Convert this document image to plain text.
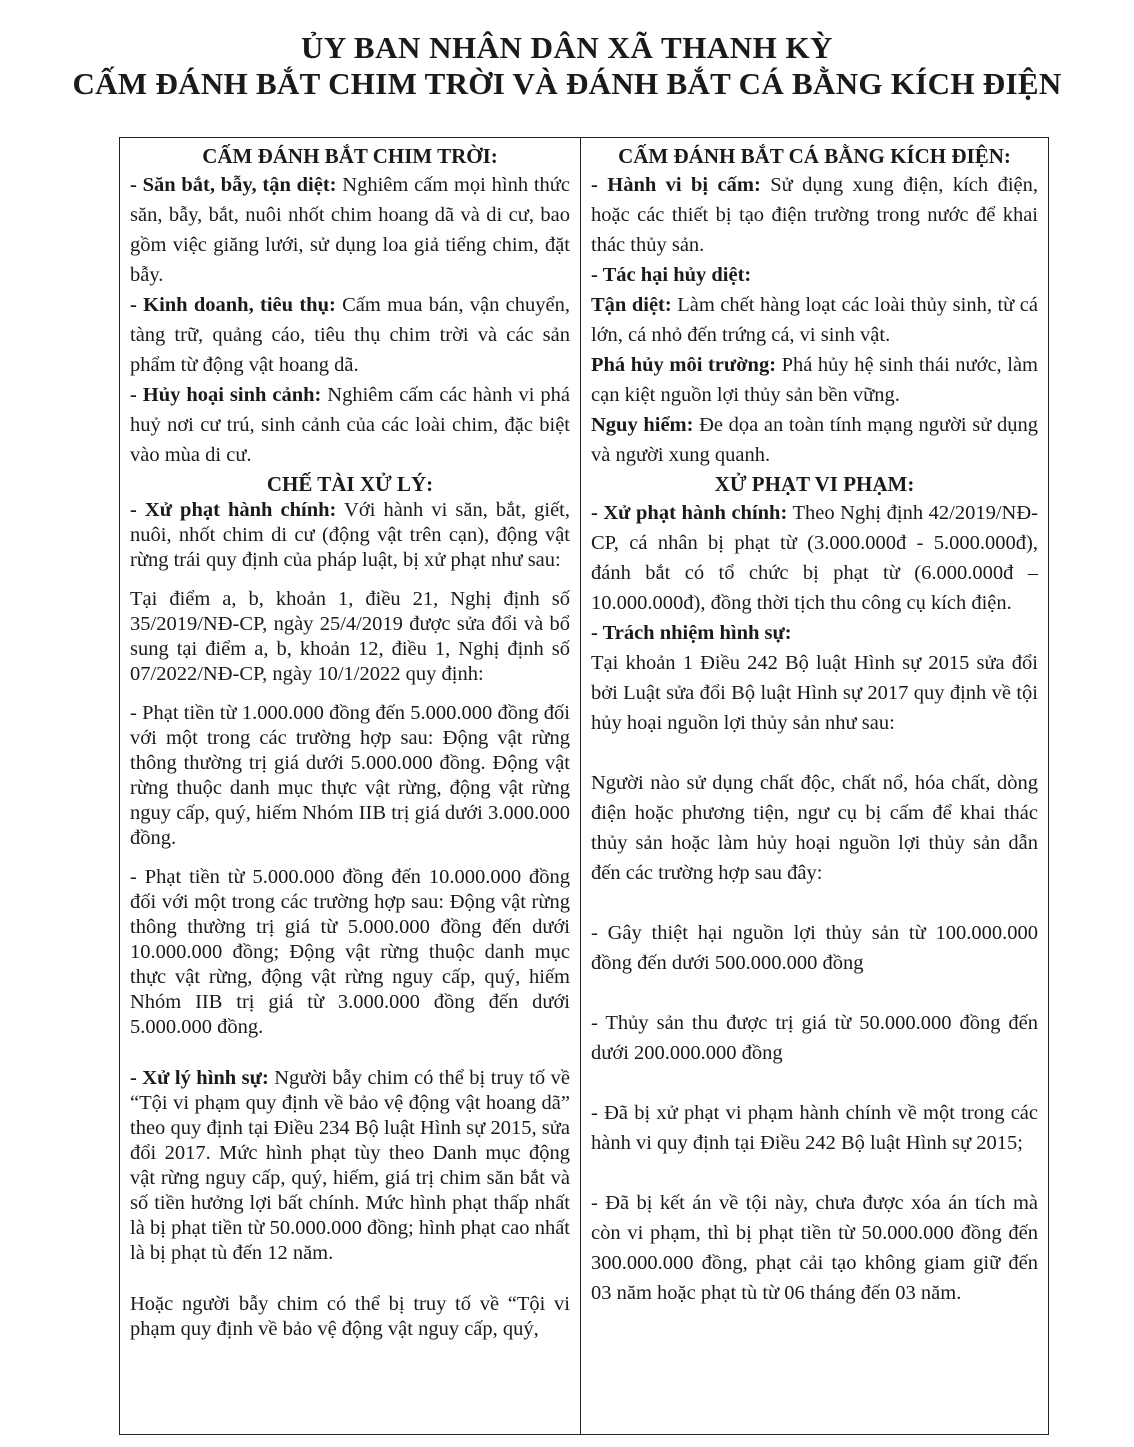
ỦY BAN NHÂN DÂN XÃ THANH KỲ
CẤM ĐÁNH BẮT CHIM TRỜI VÀ ĐÁNH BẮT CÁ BẰNG KÍCH ĐIỆN
CẤM ĐÁNH BẮT CHIM TRỜI:
- Săn bắt, bẫy, tận diệt: Nghiêm cấm mọi hình thức săn, bẫy, bắt, nuôi nhốt chim hoang dã và di cư, bao gồm việc giăng lưới, sử dụng loa giả tiếng chim, đặt bẫy.
- Kinh doanh, tiêu thụ: Cấm mua bán, vận chuyển, tàng trữ, quảng cáo, tiêu thụ chim trời và các sản phẩm từ động vật hoang dã.
- Hủy hoại sinh cảnh: Nghiêm cấm các hành vi phá huỷ nơi cư trú, sinh cảnh của các loài chim, đặc biệt vào mùa di cư.
CHẾ TÀI XỬ LÝ:
- Xử phạt hành chính: Với hành vi săn, bắt, giết, nuôi, nhốt chim di cư (động vật trên cạn), động vật rừng trái quy định của pháp luật, bị xử phạt như sau:
Tại điểm a, b, khoản 1, điều 21, Nghị định số 35/2019/NĐ-CP, ngày 25/4/2019 được sửa đổi và bổ sung tại điểm a, b, khoản 12, điều 1, Nghị định số 07/2022/NĐ-CP, ngày 10/1/2022 quy định:
- Phạt tiền từ 1.000.000 đồng đến 5.000.000 đồng đối với một trong các trường hợp sau: Động vật rừng thông thường trị giá dưới 5.000.000 đồng. Động vật rừng thuộc danh mục thực vật rừng, động vật rừng nguy cấp, quý, hiếm Nhóm IIB trị giá dưới 3.000.000 đồng.
- Phạt tiền từ 5.000.000 đồng đến 10.000.000 đồng đối với một trong các trường hợp sau: Động vật rừng thông thường trị giá từ 5.000.000 đồng đến dưới 10.000.000 đồng; Động vật rừng thuộc danh mục thực vật rừng, động vật rừng nguy cấp, quý, hiếm Nhóm IIB trị giá từ 3.000.000 đồng đến dưới 5.000.000 đồng.
- Xử lý hình sự: Người bẫy chim có thể bị truy tố về “Tội vi phạm quy định về bảo vệ động vật hoang dã” theo quy định tại Điều 234 Bộ luật Hình sự 2015, sửa đổi 2017. Mức hình phạt tùy theo Danh mục động vật rừng nguy cấp, quý, hiếm, giá trị chim săn bắt và số tiền hưởng lợi bất chính. Mức hình phạt thấp nhất là bị phạt tiền từ 50.000.000 đồng; hình phạt cao nhất là bị phạt tù đến 12 năm.
Hoặc người bẫy chim có thể bị truy tố về “Tội vi phạm quy định về bảo vệ động vật nguy cấp, quý,
CẤM ĐÁNH BẮT CÁ BẰNG KÍCH ĐIỆN:
- Hành vi bị cấm: Sử dụng xung điện, kích điện, hoặc các thiết bị tạo điện trường trong nước để khai thác thủy sản.
- Tác hại hủy diệt:
Tận diệt: Làm chết hàng loạt các loài thủy sinh, từ cá lớn, cá nhỏ đến trứng cá, vi sinh vật.
Phá hủy môi trường: Phá hủy hệ sinh thái nước, làm cạn kiệt nguồn lợi thủy sản bền vững.
Nguy hiểm: Đe dọa an toàn tính mạng người sử dụng và người xung quanh.
XỬ PHẠT VI PHẠM:
- Xử phạt hành chính: Theo Nghị định 42/2019/NĐ-CP, cá nhân bị phạt từ (3.000.000đ - 5.000.000đ), đánh bắt có tổ chức bị phạt từ (6.000.000đ – 10.000.000đ), đồng thời tịch thu công cụ kích điện.
- Trách nhiệm hình sự:
Tại khoản 1 Điều 242 Bộ luật Hình sự 2015 sửa đổi bởi Luật sửa đổi Bộ luật Hình sự 2017 quy định về tội hủy hoại nguồn lợi thủy sản như sau:
Người nào sử dụng chất độc, chất nổ, hóa chất, dòng điện hoặc phương tiện, ngư cụ bị cấm để khai thác thủy sản hoặc làm hủy hoại nguồn lợi thủy sản dẫn đến các trường hợp sau đây:
- Gây thiệt hại nguồn lợi thủy sản từ 100.000.000 đồng đến dưới 500.000.000 đồng
- Thủy sản thu được trị giá từ 50.000.000 đồng đến dưới 200.000.000 đồng
- Đã bị xử phạt vi phạm hành chính về một trong các hành vi quy định tại Điều 242 Bộ luật Hình sự 2015;
- Đã bị kết án về tội này, chưa được xóa án tích mà còn vi phạm, thì bị phạt tiền từ 50.000.000 đồng đến 300.000.000 đồng, phạt cải tạo không giam giữ đến 03 năm hoặc phạt tù từ 06 tháng đến 03 năm.
